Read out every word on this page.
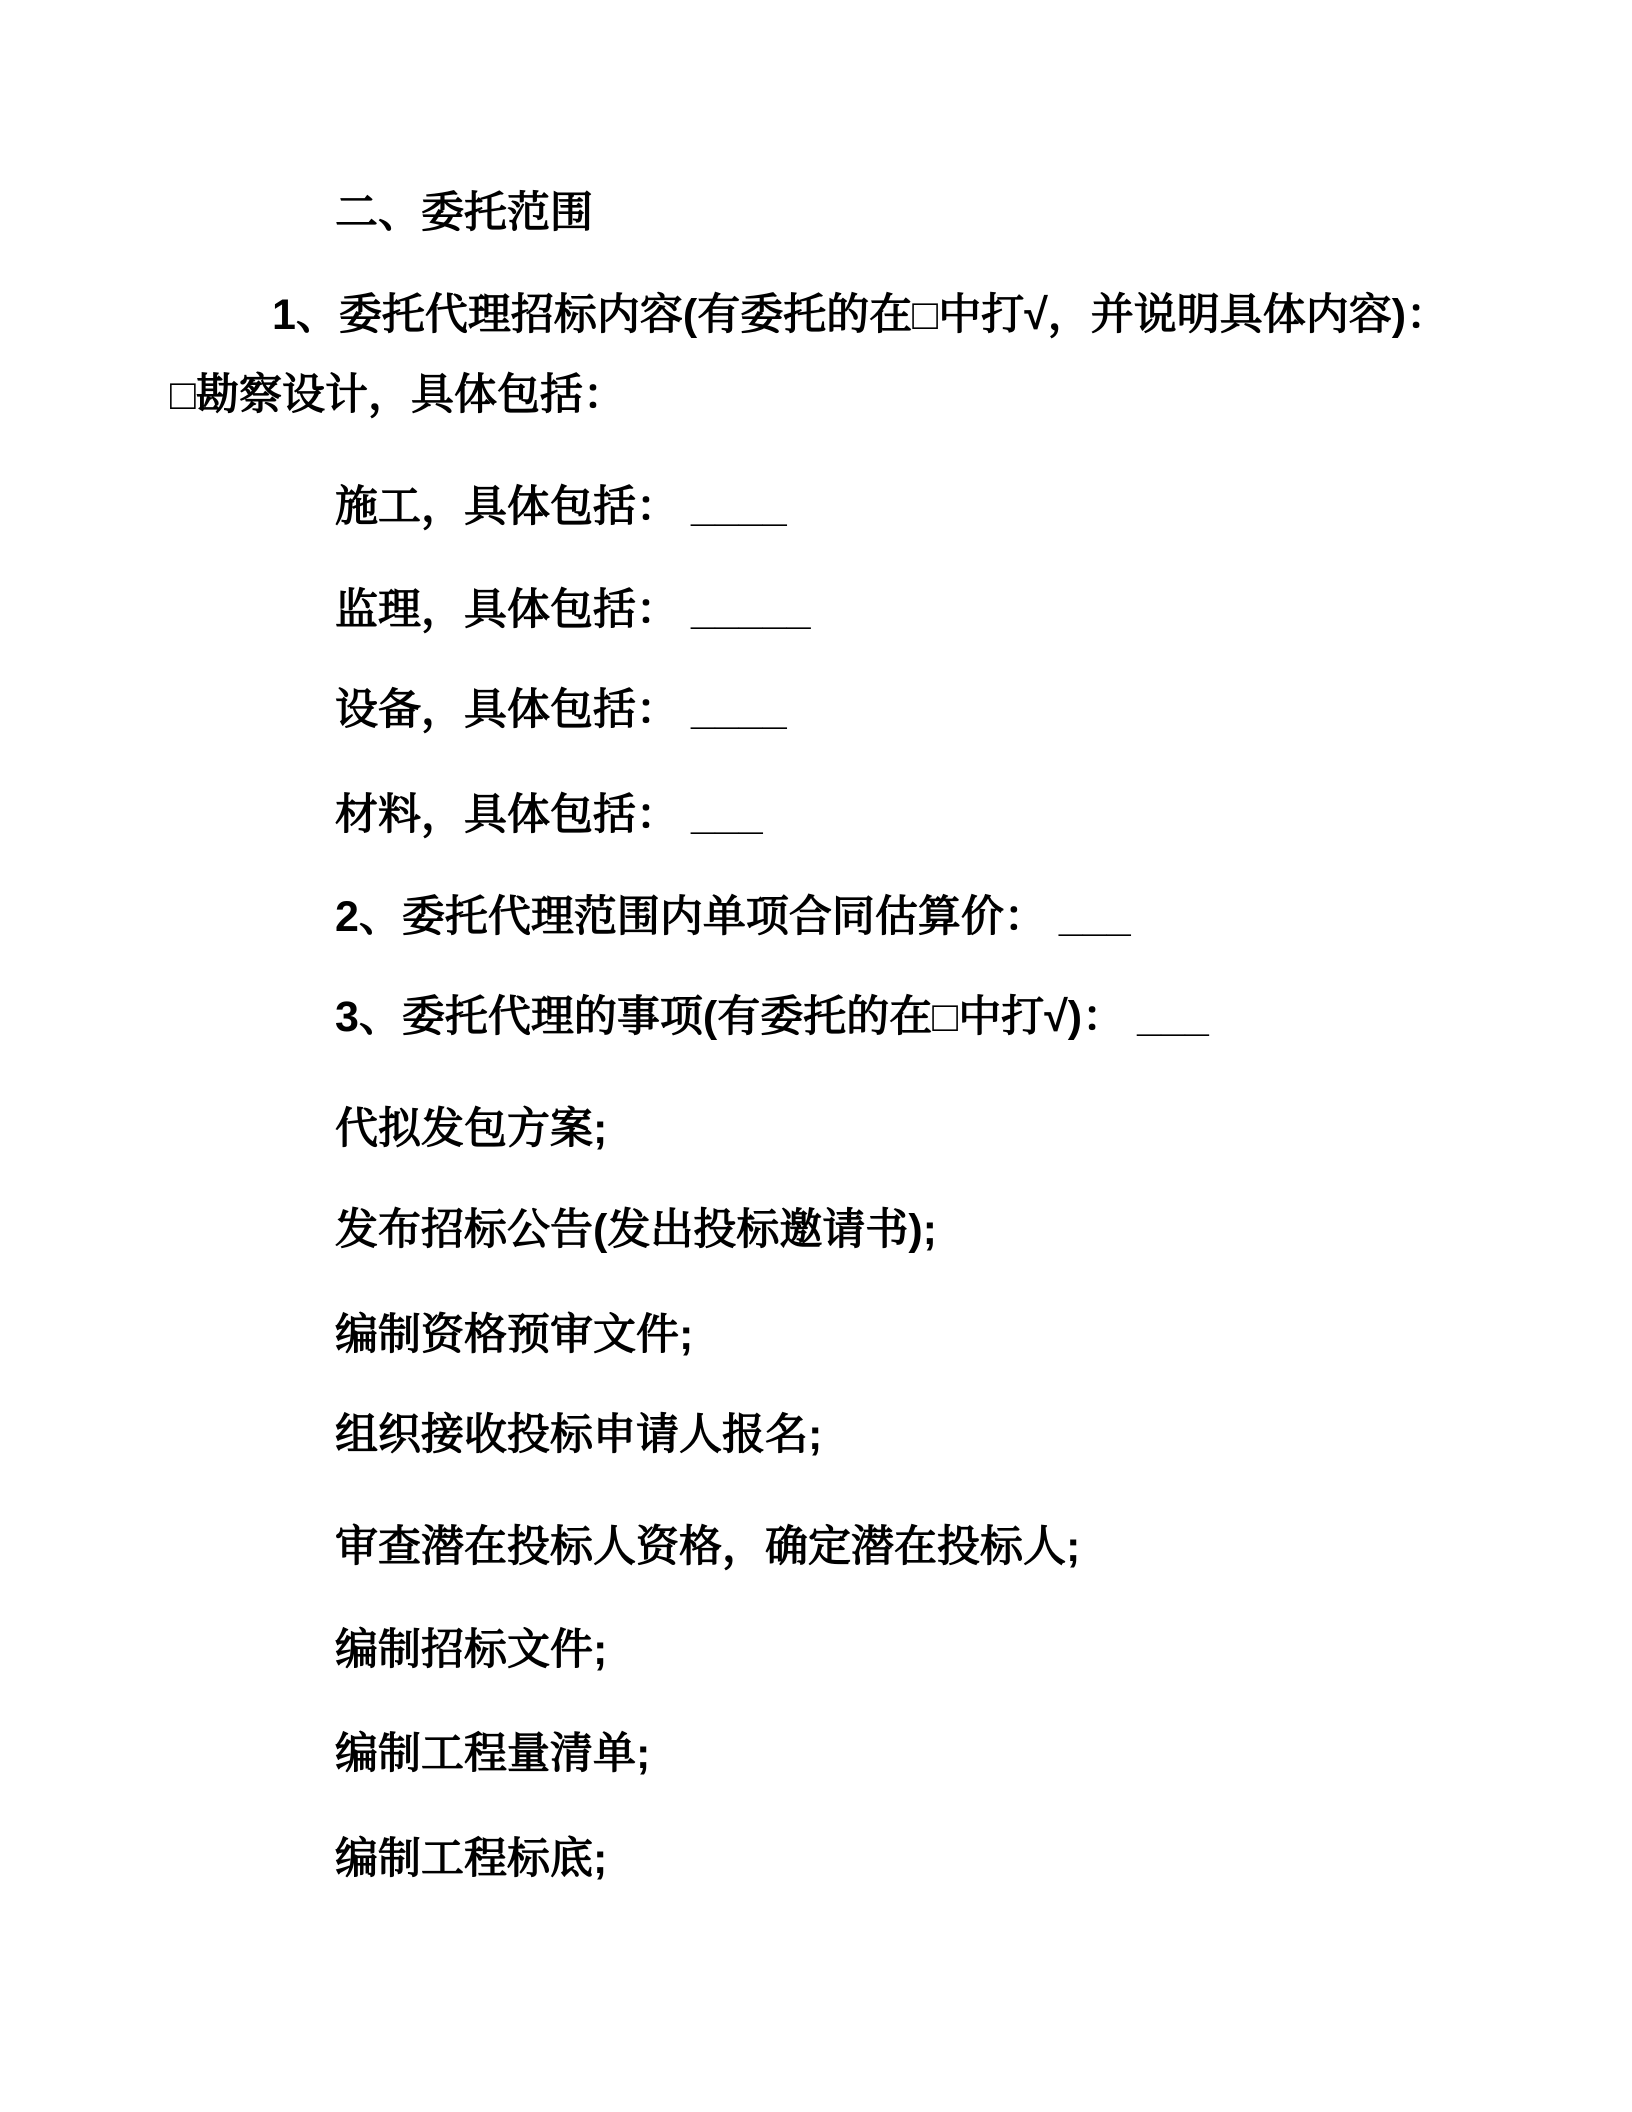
二、委托范围
1、委托代理招标内容(有委托的在□中打√，并说明具体内容)：
□勘察设计，具体包括：
施工，具体包括： ____
监理，具体包括： _____
设备，具体包括： ____
材料，具体包括： ___
2、委托代理范围内单项合同估算价： ___
3、委托代理的事项(有委托的在□中打√)： ___
代拟发包方案;
发布招标公告(发出投标邀请书);
编制资格预审文件;
组织接收投标申请人报名;
审查潜在投标人资格，确定潜在投标人;
编制招标文件;
编制工程量清单;
编制工程标底;
